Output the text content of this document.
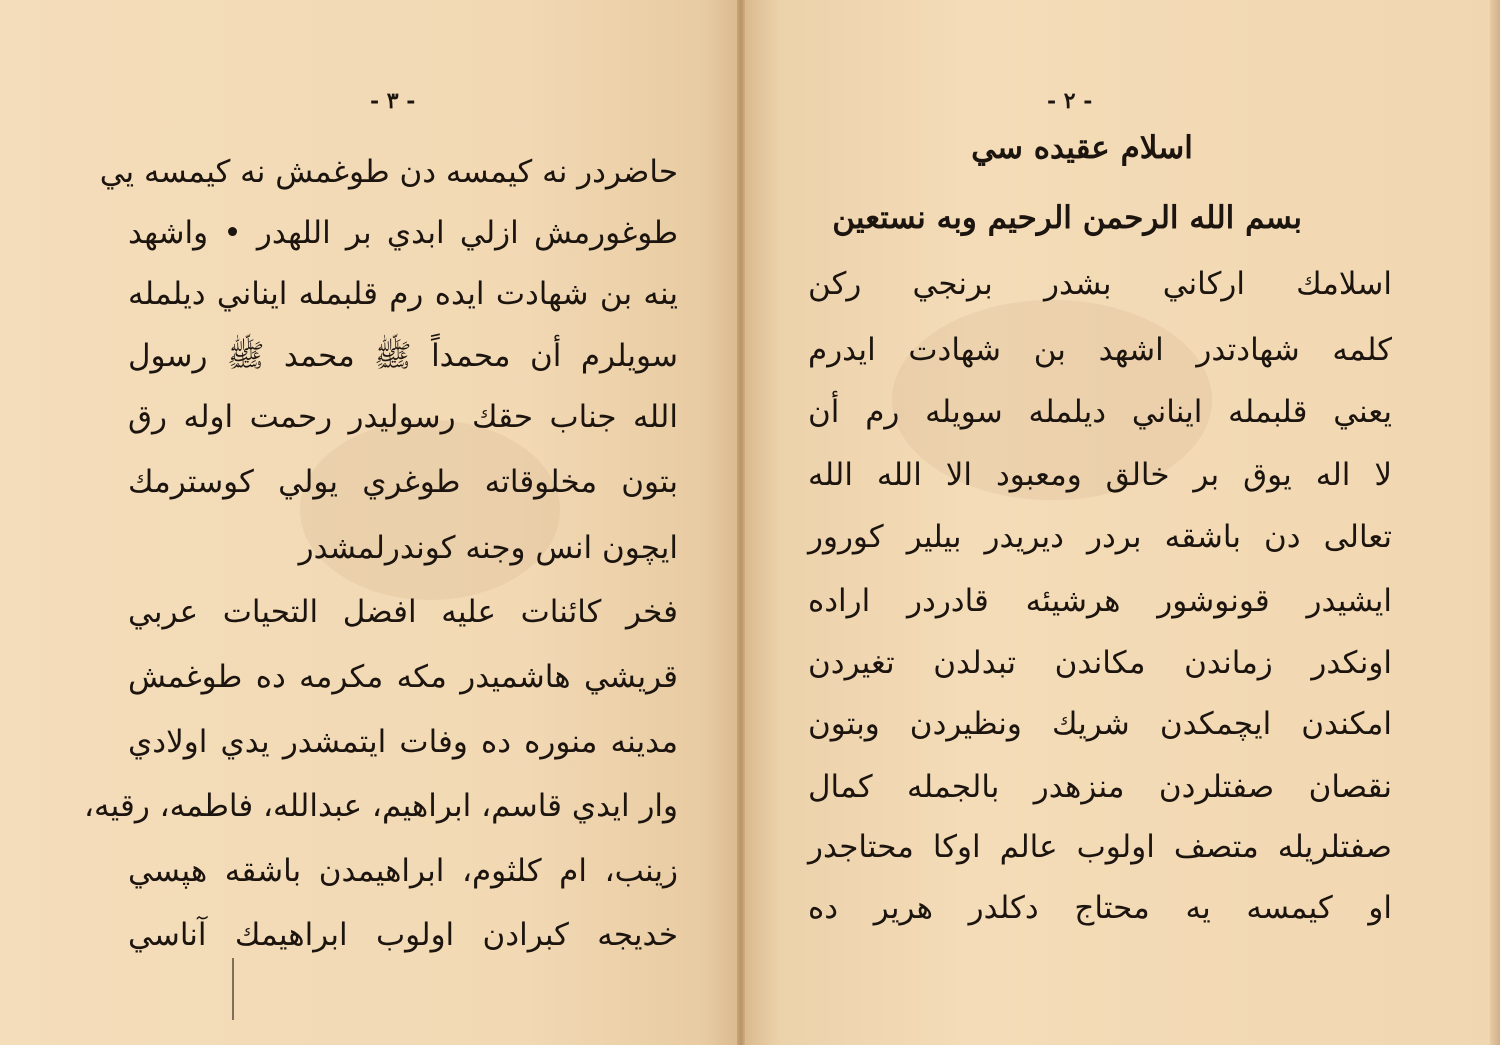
- ٣ -
حاضردر نه كيمسه دن طوغمش نه كيمسه يي
طوغورمش ازلي ابدي بر اللهدر • واشهد
ينه بن شهادت ايده رم قلبمله ايناني ديلمله
سويلرم أن محمداً ﷺ محمد ﷺ رسول
الله جناب حقك رسوليدر رحمت اوله رق
بتون مخلوقاته طوغري يولي كوسترمك
ايچون انس وجنه كوندرلمشدر
فخر كائنات عليه افضل التحيات عربي
قريشي هاشميدر مكه مكرمه ده طوغمش
مدينه منوره ده وفات ايتمشدر يدي اولادي
وار ايدي قاسم، ابراهيم، عبدالله، فاطمه، رقيه،
زينب، ام كلثوم، ابراهيمدن باشقه هپسي
خديجه كبرادن اولوب ابراهيمك آناسي
- ٢ -
اسلام عقيده سي
بسم الله الرحمن الرحيم وبه نستعين
اسلامك اركاني بشدر برنجي ركن
كلمه شهادتدر اشهد بن شهادت ايدرم
يعني قلبمله ايناني ديلمله سويله رم أن
لا اله يوق بر خالق ومعبود الا الله الله
تعالى دن باشقه بردر ديريدر بيلير كورور
ايشيدر قونوشور هرشيئه قادردر اراده
اونكدر زماندن مكاندن تبدلدن تغيردن
امكندن ايچمكدن شريك ونظيردن وبتون
نقصان صفتلردن منزهدر بالجمله كمال
صفتلريله متصف اولوب عالم اوكا محتاجدر
او كيمسه يه محتاج دكلدر هرير ده
